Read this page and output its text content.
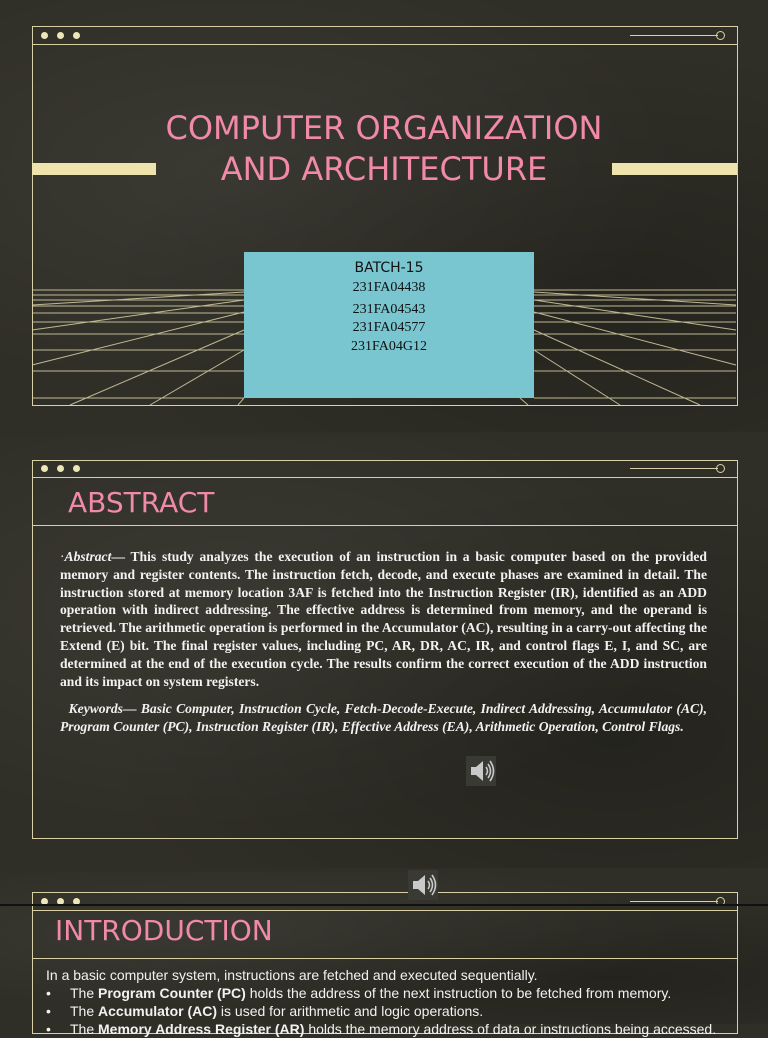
COMPUTER ORGANIZATION
AND ARCHITECTURE
BATCH-15
231FA04438
231FA04543
231FA04577
231FA04G12
ABSTRACT

·Abstract— This study analyzes the execution of an instruction in a basic computer based on the provided memory and register contents. The instruction fetch, decode, and execute phases are examined in detail. The instruction stored at memory location 3AF is fetched into the Instruction Register (IR), identified as an ADD operation with indirect addressing. The effective address is determined from memory, and the operand is retrieved. The arithmetic operation is performed in the Accumulator (AC), resulting in a carry-out affecting the Extend (E) bit. The final register values, including PC, AR, DR, AC, IR, and control flags E, I, and SC, are determined at the end of the execution cycle. The results confirm the correct execution of the ADD instruction and its impact on system registers.

Keywords— Basic Computer, Instruction Cycle, Fetch-Decode-Execute, Indirect Addressing, Accumulator (AC), Program Counter (PC), Instruction Register (IR), Effective Address (EA), Arithmetic Operation, Control Flags.

INTRODUCTION
In a basic computer system, instructions are fetched and executed sequentially.
• The Program Counter (PC) holds the address of the next instruction to be fetched from memory.
• The Accumulator (AC) is used for arithmetic and logic operations.
• The Memory Address Register (AR) holds the memory address of data or instructions being accessed.
